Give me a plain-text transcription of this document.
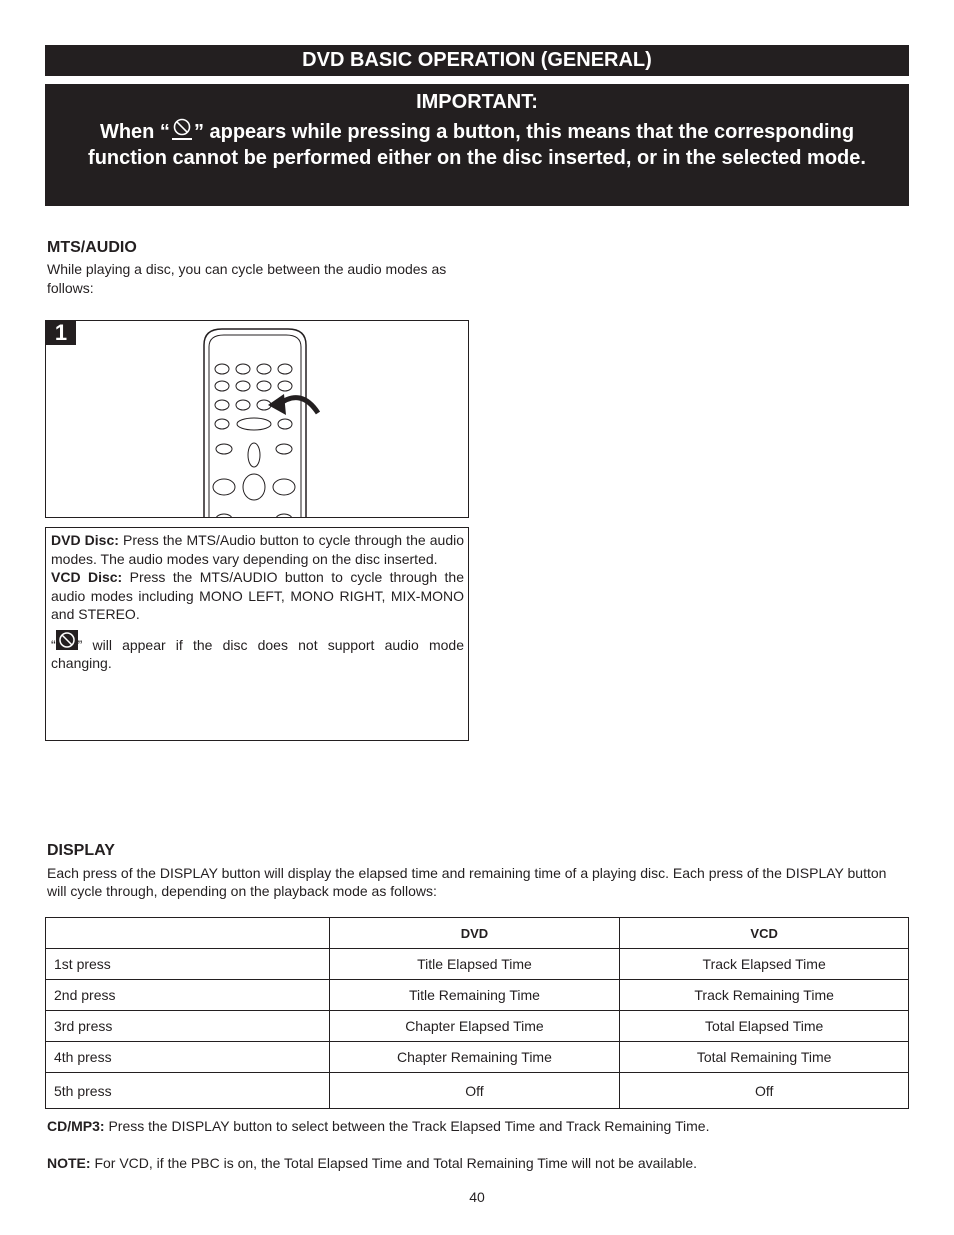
DVD BASIC OPERATION (GENERAL)
IMPORTANT:
When “ ” appears while pressing a button, this means that the corresponding function cannot be performed either on the disc inserted, or in the selected mode.
MTS/AUDIO
While playing a disc, you can cycle between the audio modes as follows:
1

DVD Disc: Press the MTS/Audio button to cycle through the audio modes. The audio modes vary depending on the disc inserted.

VCD Disc: Press the MTS/AUDIO button to cycle through the audio modes including MONO LEFT, MONO RIGHT, MIX-MONO and STEREO.

“ ” will appear if the disc does not support audio mode changing.

DISPLAY
Each press of the DISPLAY button will display the elapsed time and remaining time of a playing disc. Each press of the DISPLAY button will cycle through, depending on the playback mode as follows:
	DVD	VCD
1st press	Title Elapsed Time	Track Elapsed Time
2nd press	Title Remaining Time	Track Remaining Time
3rd press	Chapter Elapsed Time	Total Elapsed Time
4th press	Chapter Remaining Time	Total Remaining Time
5th press	Off	Off
CD/MP3: Press the DISPLAY button to select between the Track Elapsed Time and Track Remaining Time.
NOTE: For VCD, if the PBC is on, the Total Elapsed Time and Total Remaining Time will not be available.
40
